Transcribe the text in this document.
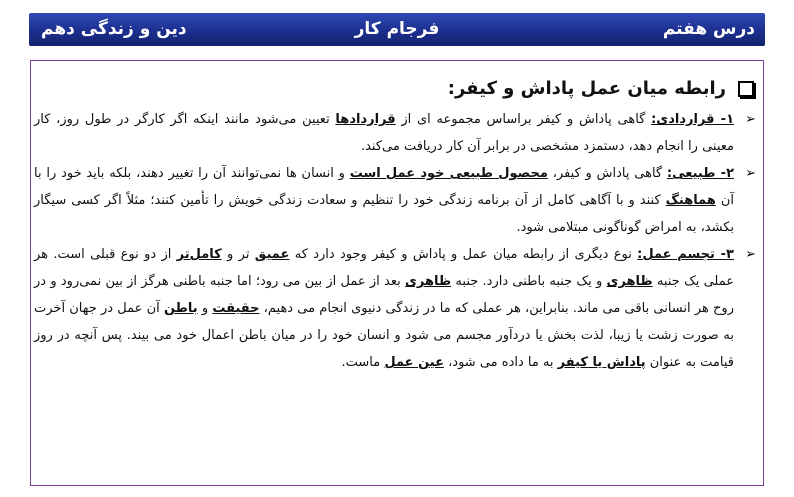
درس هفتم
فرجام کار
دین و زندگی دهم
رابطه میان عمل پاداش و کیفر:
➢

۱- قراردادی: گاهی پاداش و کیفر براساس مجموعه ای از قراردادها تعیین می‌شود مانند اینکه اگر کارگر در طول روز، کار معینی را انجام دهد، دستمزد مشخصی در برابر آن کار دریافت می‌کند.

➢

۲- طبیعی: گاهی پاداش و کیفر، محصول طبیعی خود عمل است و انسان ها نمی‌توانند آن را تغییر دهند، بلکه باید خود را با آن هماهنگ کنند و با آگاهی کامل از آن برنامه زندگی خود را تنظیم و سعادت زندگی خویش را تأمین کنند؛ مثلاً اگر کسی سیگار بکشد، به امراض گوناگونی مبتلامی شود.

➢

۳- تجسم عمل: نوع دیگری از رابطه میان عمل و پاداش و کیفر وجود دارد که عمیق تر و کامل‌تر از دو نوع قبلی است. هر عملی یک جنبه ظاهری و یک جنبه باطنی دارد. جنبه ظاهری بعد از عمل از بین می رود؛ اما جنبه باطنی هرگز از بین نمی‌رود و در روح هر انسانی باقی می ماند. بنابراین، هر عملی که ما در زندگی دنیوی انجام می دهیم، حقیقت و باطن آن عمل در جهان آخرت به صورت زشت یا زیبا، لذت بخش یا دردآور مجسم می شود و انسان خود را در میان باطن اعمال خود می بیند. پس آنچه در روز قیامت به عنوان پاداش یا کیفر به ما داده می شود، عین عمل ماست.
